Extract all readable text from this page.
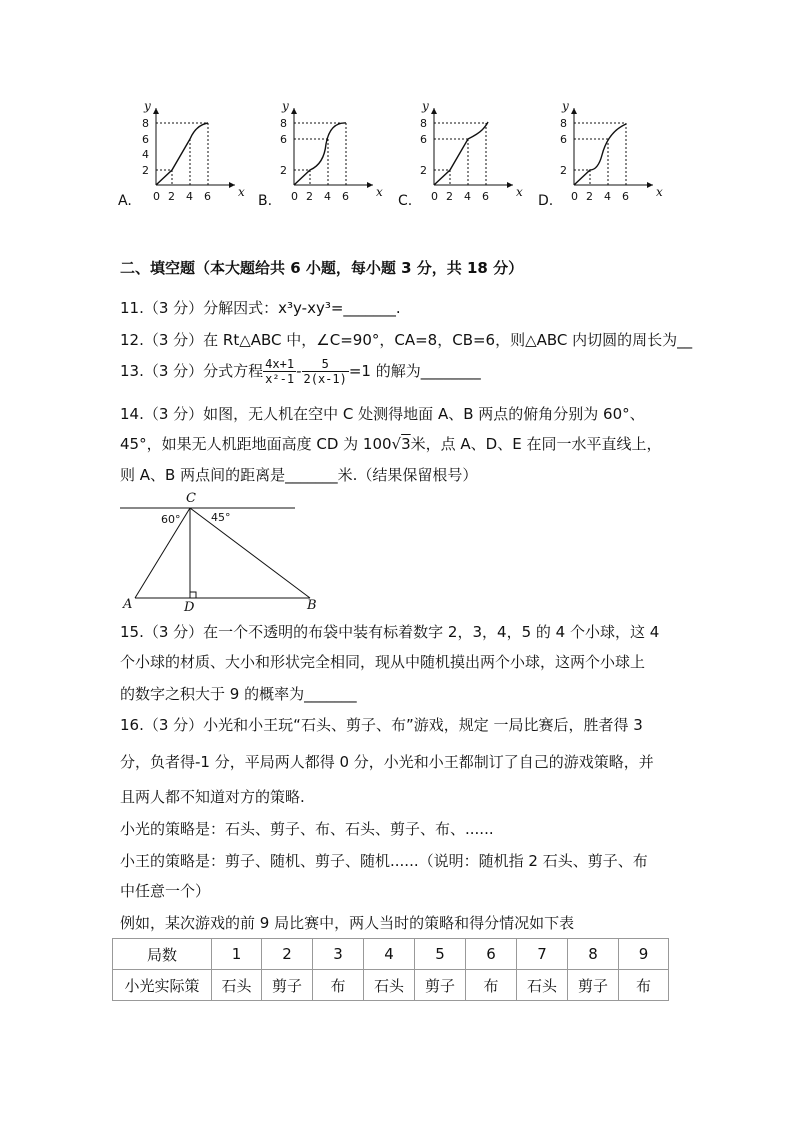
y
x
8
6
4
2
0 2 4 6
A.
y
x
8
6
2
0 2 4 6
B.
y
x
8
6
2
0 2 4 6
C.
y
x
8
6
2
0 2 4 6
D.
二、填空题（本大题给共 6 小题，每小题 3 分，共 18 分）
11.（3 分）分解因式：x³y-xy³=_______.
12.（3 分）在 Rt△ABC 中，∠C=90°，CA=8，CB=6，则△ABC 内切圆的周长为__
13.（3 分）分式方程 $\frac{4x+1}{\text{x²-1}} - \frac{5}{2(x-1)} =1$ 的解为________
14.（3 分）如图，无人机在空中 C 处测得地面 A、B 两点的俯角分别为 60°、
45°，如果无人机距地面高度 CD 为 100√3米，点 A、D、E 在同一水平直线上，
则 A、B 两点间的距离是_______米.（结果保留根号）
C
60°	45°
A	D	B
15.（3 分）在一个不透明的布袋中装有标着数字 2，3，4，5 的 4 个小球，这 4
个小球的材质、大小和形状完全相同，现从中随机摸出两个小球，这两个小球上
的数字之积大于 9 的概率为_______
16.（3 分）小光和小王玩“石头、剪子、布”游戏，规定 一局比赛后，胜者得 3
分，负者得-1 分，平局两人都得 0 分，小光和小王都制订了自己的游戏策略，并
且两人都不知道对方的策略.
小光的策略是：石头、剪子、布、石头、剪子、布、......
小王的策略是：剪子、随机、剪子、随机......（说明：随机指 2 石头、剪子、布
中任意一个）
例如，某次游戏的前 9 局比赛中，两人当时的策略和得分情况如下表
局数	1	2	3	4	5	6	7	8	9
小光实际策	石头	剪子	布	石头	剪子	布	石头	剪子	布
